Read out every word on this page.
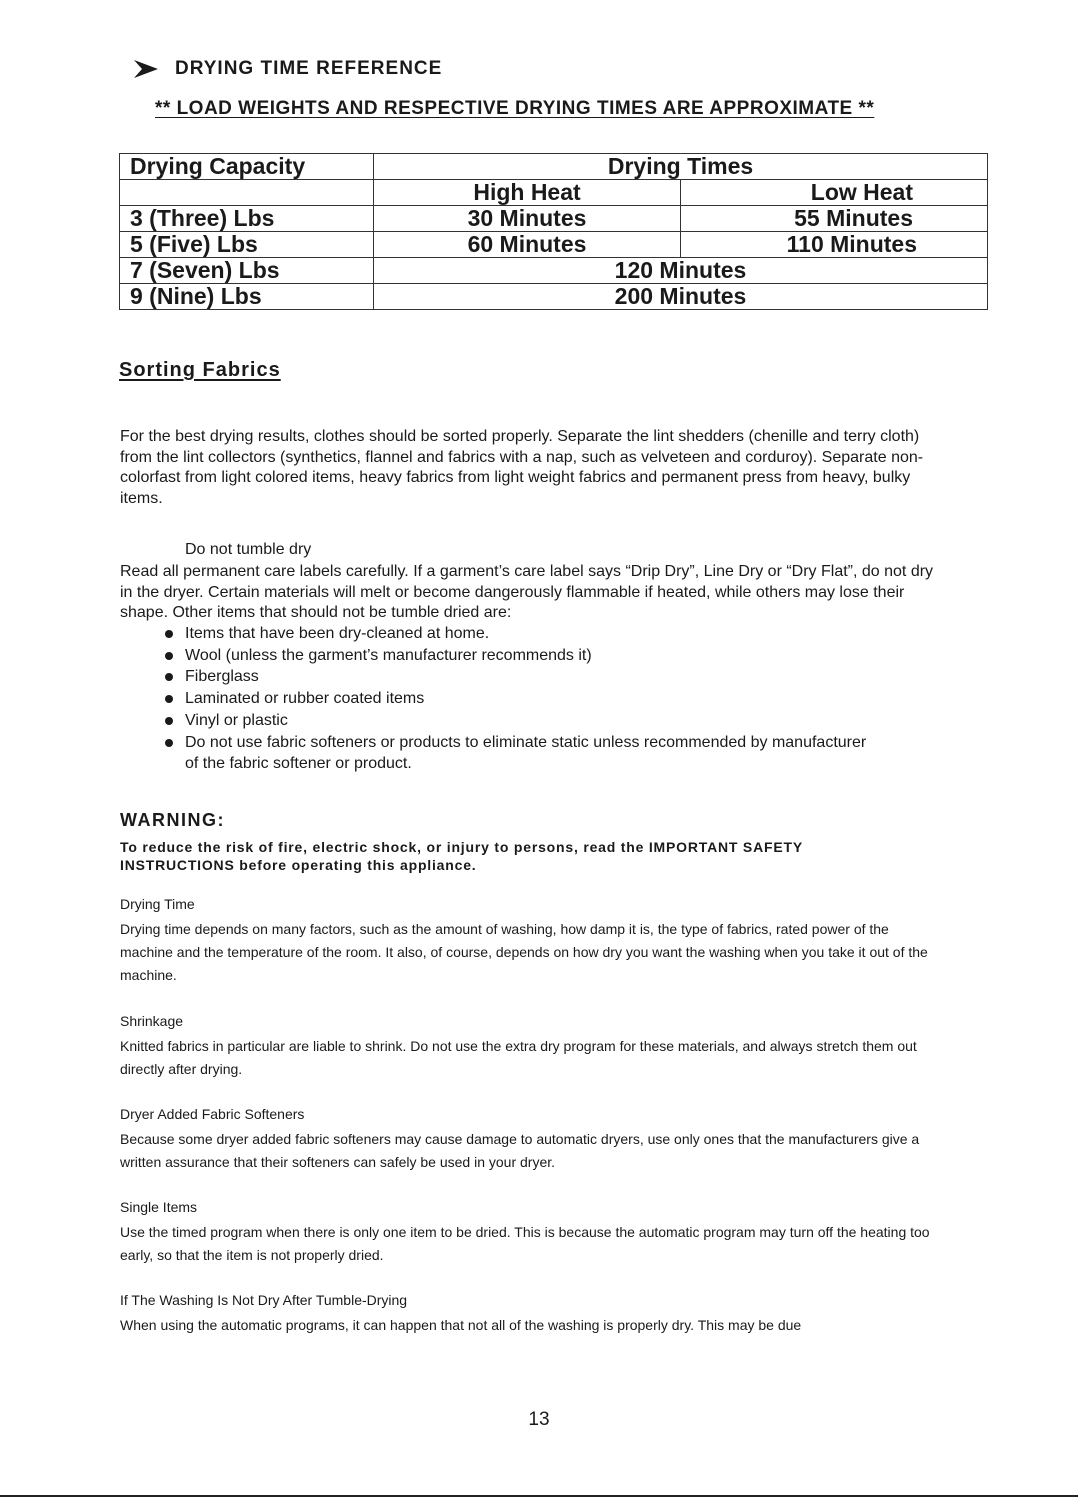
DRYING TIME REFERENCE
** LOAD WEIGHTS AND RESPECTIVE DRYING TIMES ARE APPROXIMATE **
Drying Capacity	Drying Times	
	High Heat	Low Heat
3 (Three) Lbs	30 Minutes	55 Minutes
5 (Five) Lbs	60 Minutes	110 Minutes
7 (Seven) Lbs	120 Minutes	
9 (Nine) Lbs	200 Minutes	
Sorting Fabrics
For the best drying results, clothes should be sorted properly. Separate the lint shedders (chenille and terry cloth) from the lint collectors (synthetics, flannel and fabrics with a nap, such as velveteen and corduroy). Separate non-colorfast from light colored items, heavy fabrics from light weight fabrics and permanent press from heavy, bulky items.
Do not tumble dry
Read all permanent care labels carefully. If a garment’s care label says “Drip Dry”, Line Dry or “Dry Flat”, do not dry in the dryer. Certain materials will melt or become dangerously flammable if heated, while others may lose their shape. Other items that should not be tumble dried are:
Items that have been dry-cleaned at home.
Wool (unless the garment’s manufacturer recommends it)
Fiberglass
Laminated or rubber coated items
Vinyl or plastic
Do not use fabric softeners or products to eliminate static unless recommended by manufacturer of the fabric softener or product.
WARNING:
To reduce the risk of fire, electric shock, or injury to persons, read the IMPORTANT SAFETY INSTRUCTIONS before operating this appliance.
Drying Time
Drying time depends on many factors, such as the amount of washing, how damp it is, the type of fabrics, rated power of the machine and the temperature of the room. It also, of course, depends on how dry you want the washing when you take it out of the machine.
Shrinkage
Knitted fabrics in particular are liable to shrink. Do not use the extra dry program for these materials, and always stretch them out directly after drying.
Dryer Added Fabric Softeners
Because some dryer added fabric softeners may cause damage to automatic dryers, use only ones that the manufacturers give a written assurance that their softeners can safely be used in your dryer.
Single Items
Use the timed program when there is only one item to be dried. This is because the automatic program may turn off the heating too early, so that the item is not properly dried.
If The Washing Is Not Dry After Tumble-Drying
When using the automatic programs, it can happen that not all of the washing is properly dry. This may be due
13
